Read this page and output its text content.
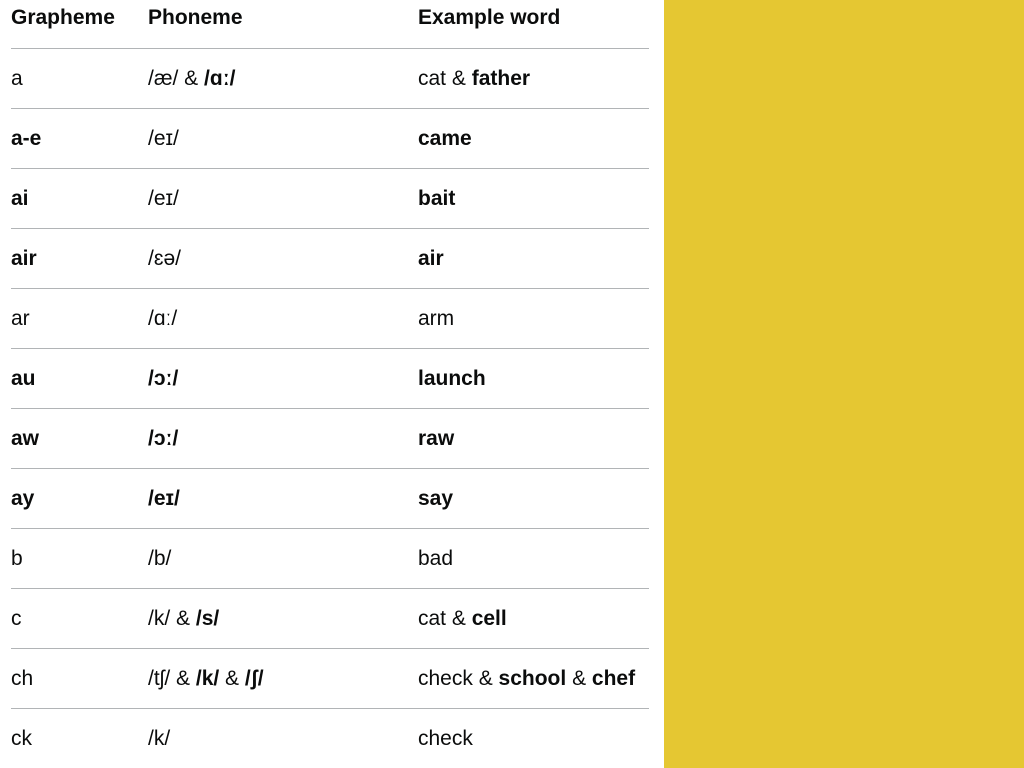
Grapheme	Phoneme	Example word
a	/æ/ & /ɑː/	cat & father
a-e	/eɪ/	came
ai	/eɪ/	bait
air	/ɛə/	air
ar	/ɑː/	arm
au	/ɔː/	launch
aw	/ɔː/	raw
ay	/eɪ/	say
b	/b/	bad
c	/k/ & /s/	cat & cell
ch	/tʃ/ & /k/ & /ʃ/	check & school & chef
ck	/k/	check
